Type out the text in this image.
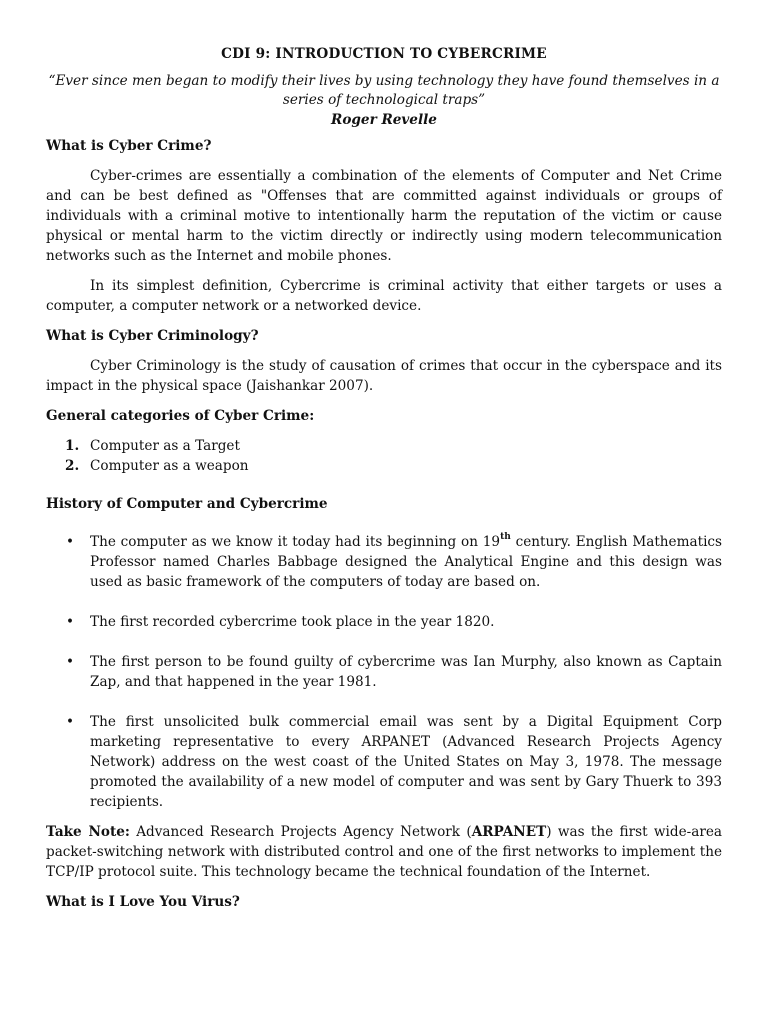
CDI 9: INTRODUCTION TO CYBERCRIME

“Ever since men began to modify their lives by using technology they have found themselves in a series of technological traps”

Roger Revelle
What is Cyber Crime?

Cyber-crimes are essentially a combination of the elements of Computer and Net Crime and can be best defined as "Offenses that are committed against individuals or groups of individuals with a criminal motive to intentionally harm the reputation of the victim or cause physical or mental harm to the victim directly or indirectly using modern telecommunication networks such as the Internet and mobile phones.

In its simplest definition, Cybercrime is criminal activity that either targets or uses a computer, a computer network or a networked device.

What is Cyber Criminology?

Cyber Criminology is the study of causation of crimes that occur in the cyberspace and its impact in the physical space (Jaishankar 2007).

General categories of Cyber Crime:
1. Computer as a Target
2. Computer as a weapon
History of Computer and Cybercrime
• The computer as we know it today had its beginning on 19th century. English Mathematics Professor named Charles Babbage designed the Analytical Engine and this design was used as basic framework of the computers of today are based on.
• The first recorded cybercrime took place in the year 1820.
• The first person to be found guilty of cybercrime was Ian Murphy, also known as Captain Zap, and that happened in the year 1981.
• The first unsolicited bulk commercial email was sent by a Digital Equipment Corp marketing representative to every ARPANET (Advanced Research Projects Agency Network) address on the west coast of the United States on May 3, 1978. The message promoted the availability of a new model of computer and was sent by Gary Thuerk to 393 recipients.

Take Note: Advanced Research Projects Agency Network (ARPANET) was the first wide-area packet-switching network with distributed control and one of the first networks to implement the TCP/IP protocol suite. This technology became the technical foundation of the Internet.

What is I Love You Virus?
